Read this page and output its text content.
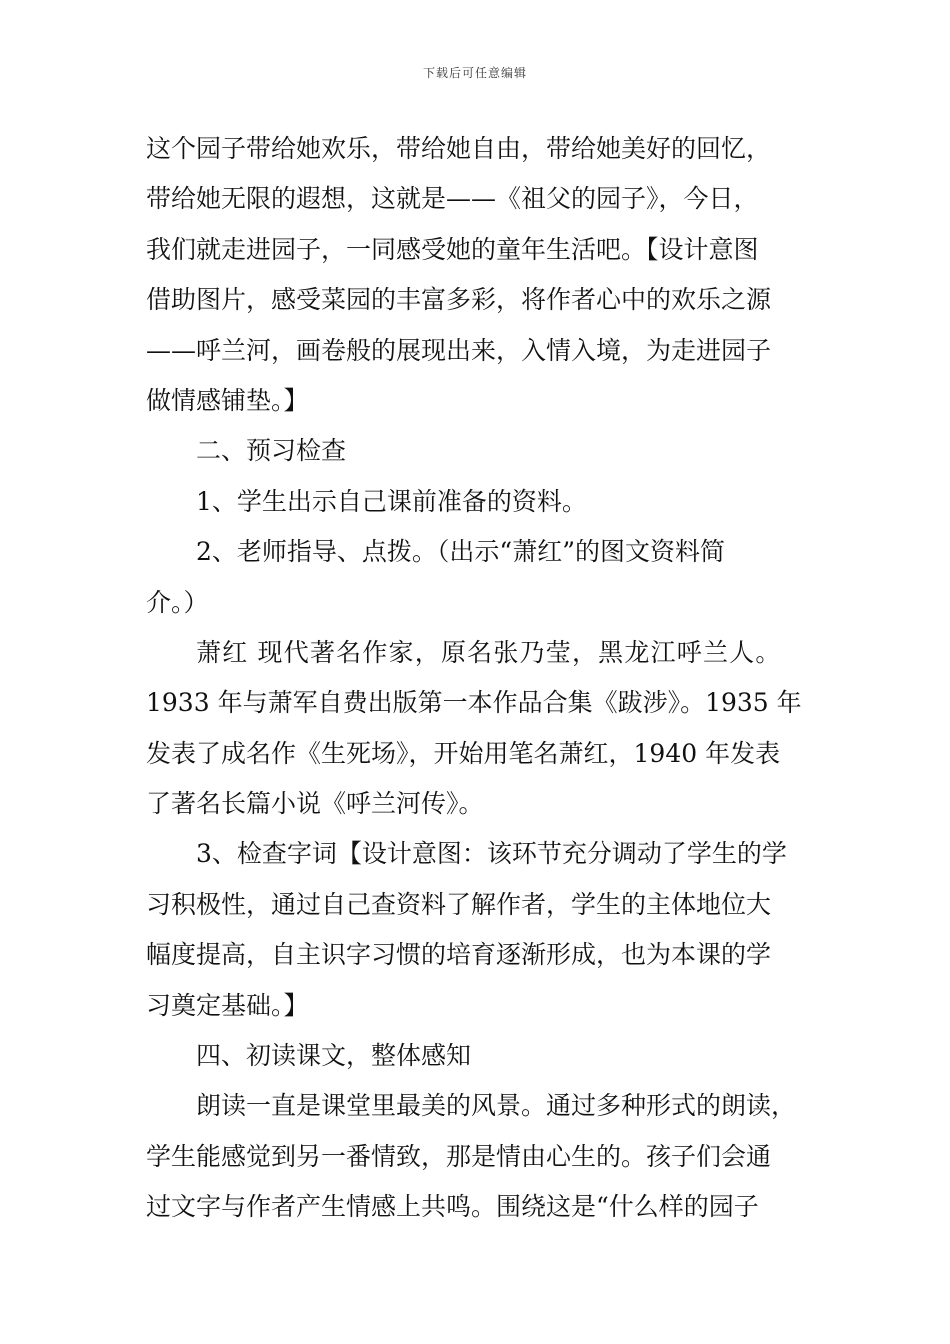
下载后可任意编辑
这个园子带给她欢乐，带给她自由，带给她美好的回忆，
带给她无限的遐想，这就是——《祖父的园子》，今日，
我们就走进园子，一同感受她的童年生活吧。【设计意图
借助图片，感受菜园的丰富多彩，将作者心中的欢乐之源
——呼兰河，画卷般的展现出来，入情入境，为走进园子
做情感铺垫。】
二、预习检查
1、学生出示自己课前准备的资料。
2、老师指导、点拨。（出示“萧红”的图文资料简
介。）
萧红 现代著名作家，原名张乃莹，黑龙江呼兰人。
1933 年与萧军自费出版第一本作品合集《跋涉》。1935 年
发表了成名作《生死场》，开始用笔名萧红，1940 年发表
了著名长篇小说《呼兰河传》。
3、检查字词【设计意图：该环节充分调动了学生的学
习积极性，通过自己查资料了解作者，学生的主体地位大
幅度提高，自主识字习惯的培育逐渐形成，也为本课的学
习奠定基础。】
四、初读课文，整体感知
朗读一直是课堂里最美的风景。通过多种形式的朗读，
学生能感觉到另一番情致，那是情由心生的。孩子们会通
过文字与作者产生情感上共鸣。围绕这是“什么样的园子
